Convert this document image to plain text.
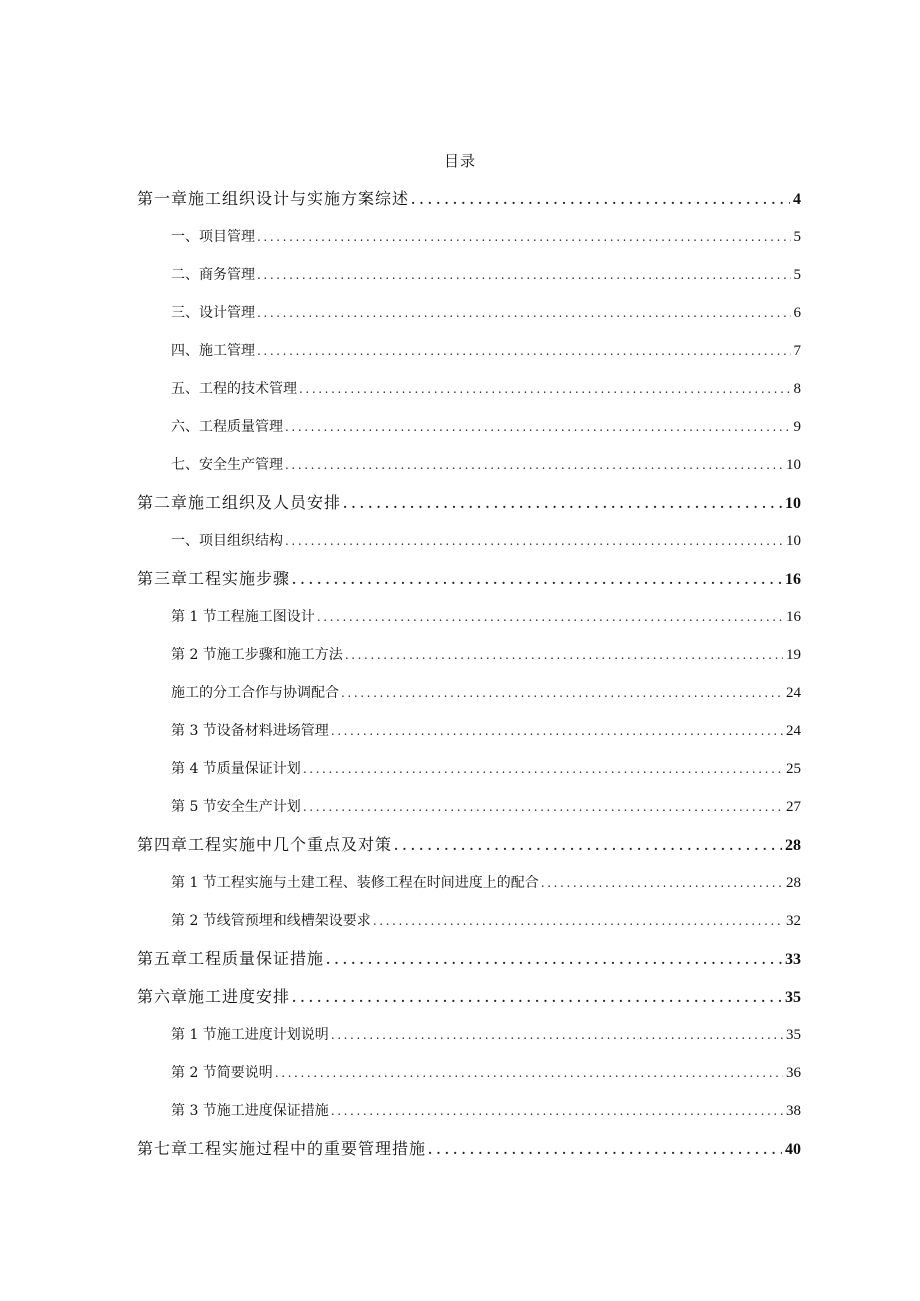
目录
第一章施工组织设计与实施方案综述 .....	4
一、项目管理 .....	5
二、商务管理 .....	5
三、设计管理 .....	6
四、施工管理 .....	7
五、工程的技术管理 .....	8
六、工程质量管理 .....	9
七、安全生产管理 .....	10
第二章施工组织及人员安排 .....	10
一、项目组织结构 .....	10
第三章工程实施步骤 .....	16
第 1 节工程施工图设计 .....	16
第 2 节施工步骤和施工方法 .....	19
施工的分工合作与协调配合 .....	24
第 3 节设备材料进场管理 .....	24
第 4 节质量保证计划 .....	25
第 5 节安全生产计划 .....	27
第四章工程实施中几个重点及对策 .....	28
第 1 节工程实施与土建工程、装修工程在时间进度上的配合 .....	28
第 2 节线管预埋和线槽架设要求 .....	32
第五章工程质量保证措施 .....	33
第六章施工进度安排 .....	35
第 1 节施工进度计划说明 .....	35
第 2 节简要说明 .....	36
第 3 节施工进度保证措施 .....	38
第七章工程实施过程中的重要管理措施 .....	40
